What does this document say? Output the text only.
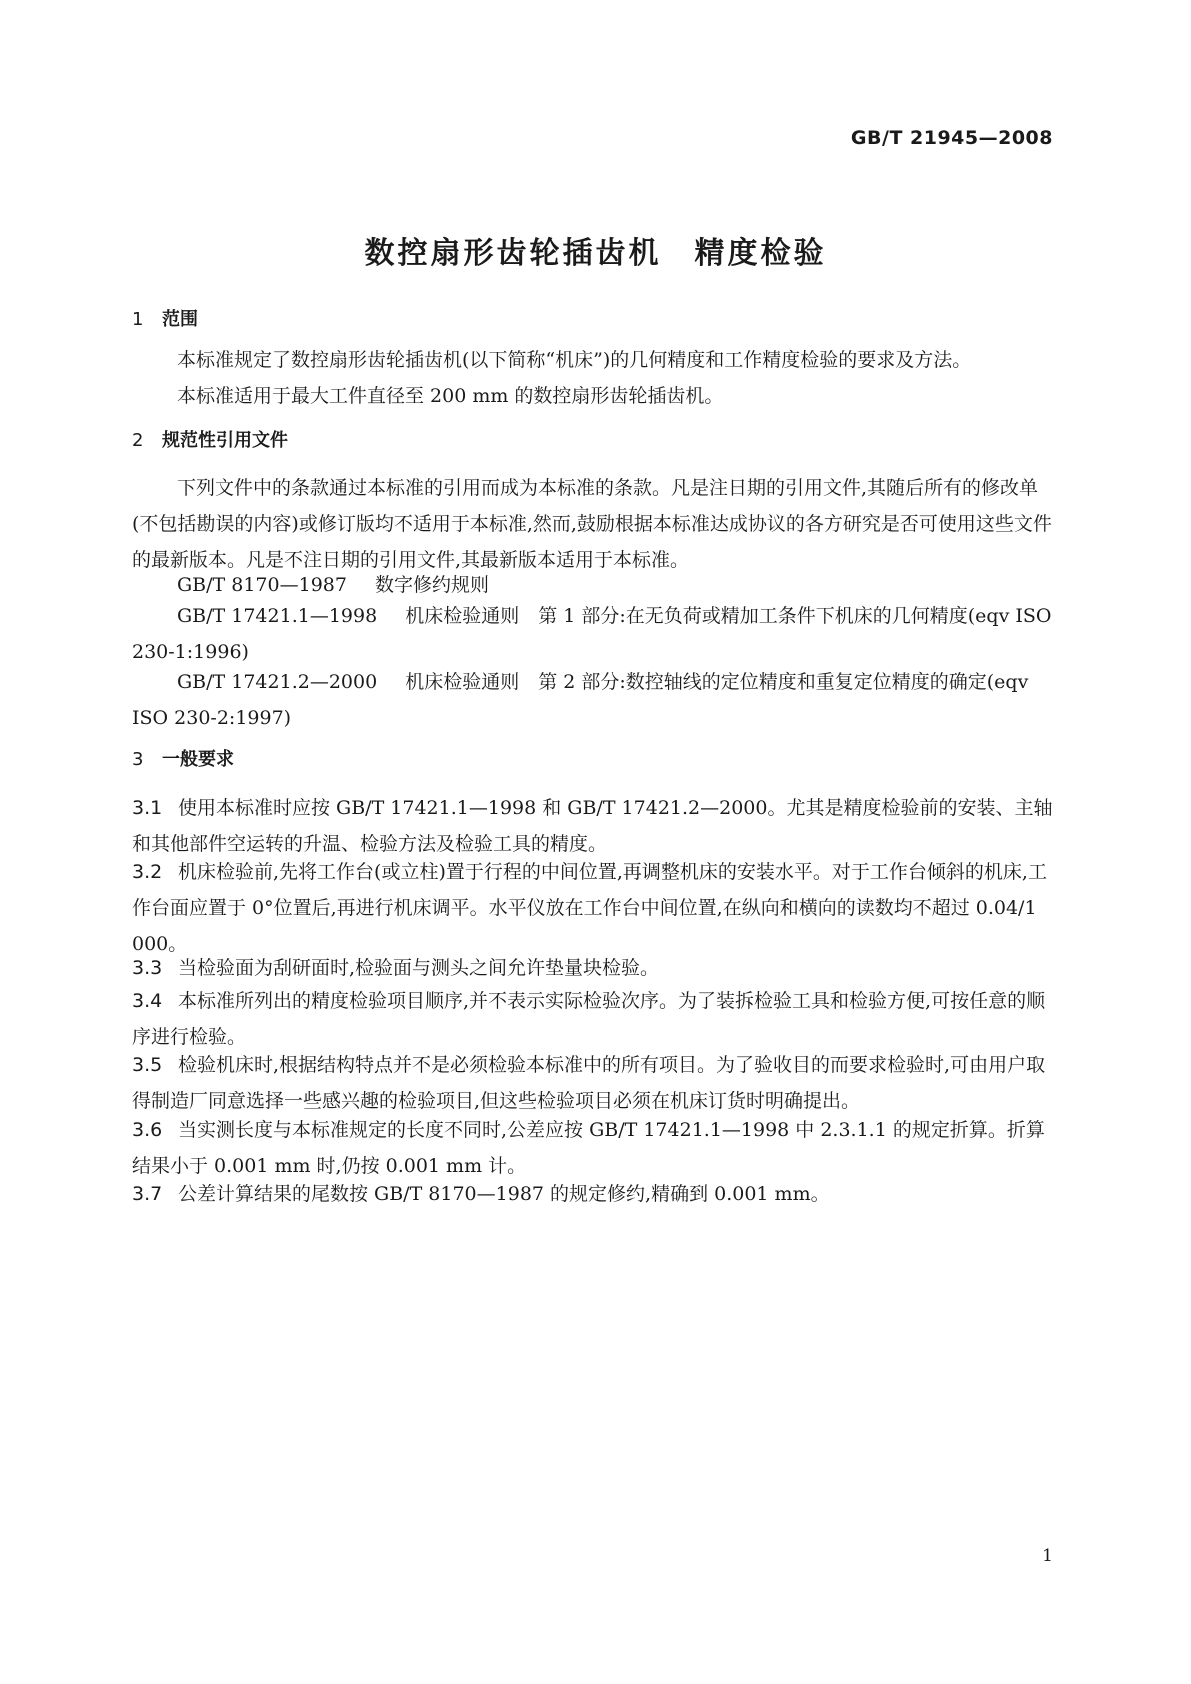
GB/T 21945—2008
数控扇形齿轮插齿机　精度检验
1 范围
本标准规定了数控扇形齿轮插齿机(以下简称“机床”)的几何精度和工作精度检验的要求及方法。
本标准适用于最大工件直径至 200 mm 的数控扇形齿轮插齿机。
2 规范性引用文件
下列文件中的条款通过本标准的引用而成为本标准的条款。凡是注日期的引用文件,其随后所有的修改单(不包括勘误的内容)或修订版均不适用于本标准,然而,鼓励根据本标准达成协议的各方研究是否可使用这些文件的最新版本。凡是不注日期的引用文件,其最新版本适用于本标准。
GB/T 8170—1987 数字修约规则
GB/T 17421.1—1998 机床检验通则　第 1 部分:在无负荷或精加工条件下机床的几何精度(eqv ISO 230-1:1996)
GB/T 17421.2—2000 机床检验通则　第 2 部分:数控轴线的定位精度和重复定位精度的确定(eqv ISO 230-2:1997)
3 一般要求
3.1 使用本标准时应按 GB/T 17421.1—1998 和 GB/T 17421.2—2000。尤其是精度检验前的安装、主轴和其他部件空运转的升温、检验方法及检验工具的精度。
3.2 机床检验前,先将工作台(或立柱)置于行程的中间位置,再调整机床的安装水平。对于工作台倾斜的机床,工作台面应置于 0°位置后,再进行机床调平。水平仪放在工作台中间位置,在纵向和横向的读数均不超过 0.04/1 000。
3.3 当检验面为刮研面时,检验面与测头之间允许垫量块检验。
3.4 本标准所列出的精度检验项目顺序,并不表示实际检验次序。为了装拆检验工具和检验方便,可按任意的顺序进行检验。
3.5 检验机床时,根据结构特点并不是必须检验本标准中的所有项目。为了验收目的而要求检验时,可由用户取得制造厂同意选择一些感兴趣的检验项目,但这些检验项目必须在机床订货时明确提出。
3.6 当实测长度与本标准规定的长度不同时,公差应按 GB/T 17421.1—1998 中 2.3.1.1 的规定折算。折算结果小于 0.001 mm 时,仍按 0.001 mm 计。
3.7 公差计算结果的尾数按 GB/T 8170—1987 的规定修约,精确到 0.001 mm。
1
